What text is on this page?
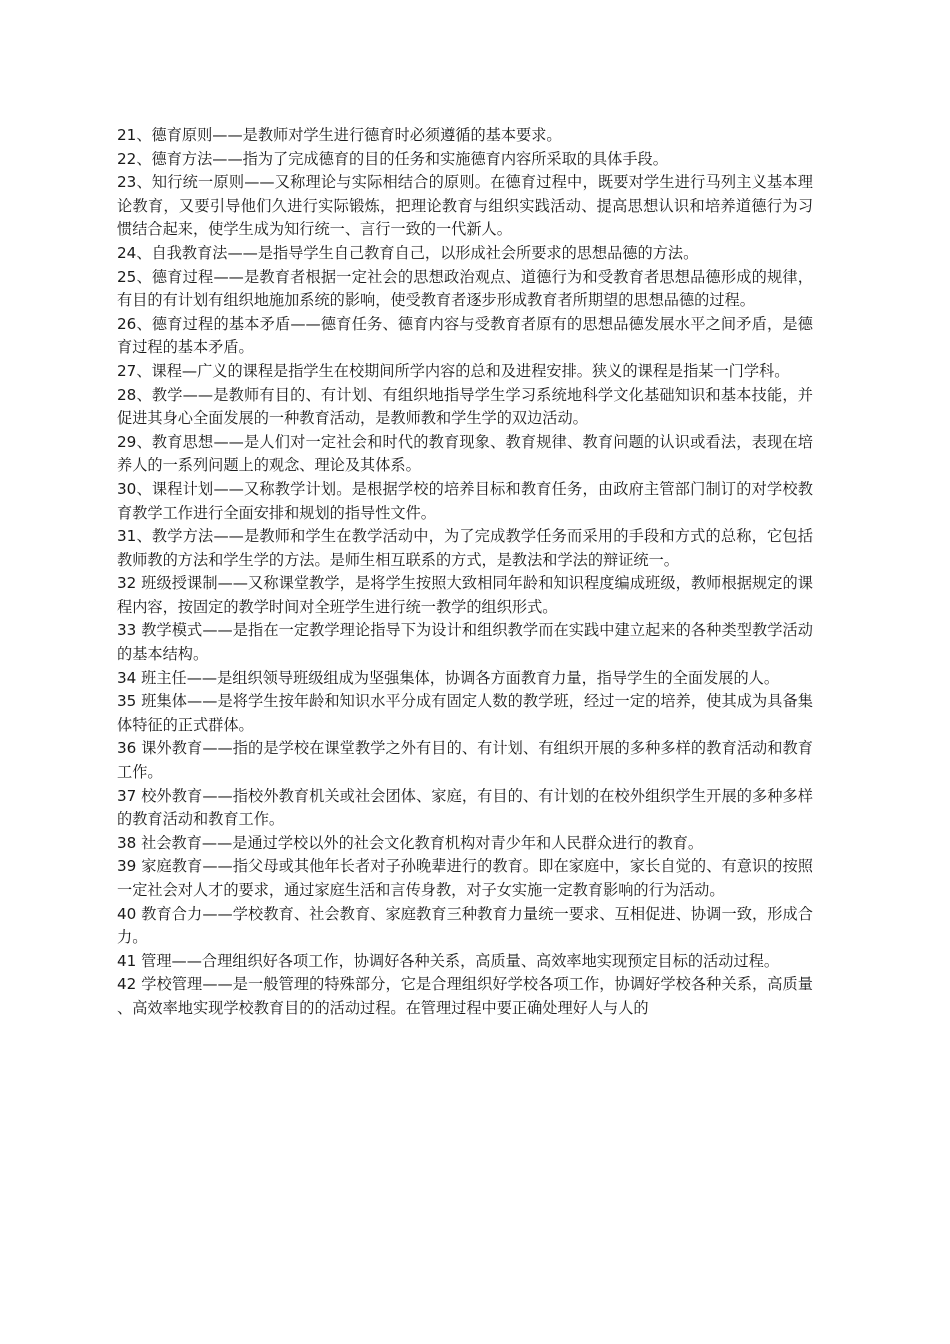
21、德育原则——是教师对学生进行德育时必须遵循的基本要求。

22、德育方法——指为了完成德育的目的任务和实施德育内容所采取的具体手段。

23、知行统一原则——又称理论与实际相结合的原则。在德育过程中，既要对学生进行马列主义基本理论教育，又要引导他们久进行实际锻炼，把理论教育与组织实践活动、提高思想认识和培养道德行为习惯结合起来，使学生成为知行统一、言行一致的一代新人。

24、自我教育法——是指导学生自己教育自己，以形成社会所要求的思想品德的方法。

25、德育过程——是教育者根据一定社会的思想政治观点、道德行为和受教育者思想品德形成的规律，有目的有计划有组织地施加系统的影响，使受教育者逐步形成教育者所期望的思想品德的过程。

26、德育过程的基本矛盾——德育任务、德育内容与受教育者原有的思想品德发展水平之间矛盾，是德育过程的基本矛盾。

27、课程—广义的课程是指学生在校期间所学内容的总和及进程安排。狭义的课程是指某一门学科。

28、教学——是教师有目的、有计划、有组织地指导学生学习系统地科学文化基础知识和基本技能，并促进其身心全面发展的一种教育活动，是教师教和学生学的双边活动。

29、教育思想——是人们对一定社会和时代的教育现象、教育规律、教育问题的认识或看法，表现在培养人的一系列问题上的观念、理论及其体系。

30、课程计划——又称教学计划。是根据学校的培养目标和教育任务，由政府主管部门制订的对学校教育教学工作进行全面安排和规划的指导性文件。

31、教学方法——是教师和学生在教学活动中，为了完成教学任务而采用的手段和方式的总称，它包括教师教的方法和学生学的方法。是师生相互联系的方式，是教法和学法的辩证统一。

32 班级授课制——又称课堂教学，是将学生按照大致相同年龄和知识程度编成班级，教师根据规定的课程内容，按固定的教学时间对全班学生进行统一教学的组织形式。

33 教学模式——是指在一定教学理论指导下为设计和组织教学而在实践中建立起来的各种类型教学活动的基本结构。

34 班主任——是组织领导班级组成为坚强集体，协调各方面教育力量，指导学生的全面发展的人。

35 班集体——是将学生按年龄和知识水平分成有固定人数的教学班，经过一定的培养，使其成为具备集体特征的正式群体。

36 课外教育——指的是学校在课堂教学之外有目的、有计划、有组织开展的多种多样的教育活动和教育工作。

37 校外教育——指校外教育机关或社会团体、家庭，有目的、有计划的在校外组织学生开展的多种多样的教育活动和教育工作。

38 社会教育——是通过学校以外的社会文化教育机构对青少年和人民群众进行的教育。

39 家庭教育——指父母或其他年长者对子孙晚辈进行的教育。即在家庭中，家长自觉的、有意识的按照一定社会对人才的要求，通过家庭生活和言传身教，对子女实施一定教育影响的行为活动。

40 教育合力——学校教育、社会教育、家庭教育三种教育力量统一要求、互相促进、协调一致，形成合力。

41 管理——合理组织好各项工作，协调好各种关系，高质量、高效率地实现预定目标的活动过程。

42 学校管理——是一般管理的特殊部分，它是合理组织好学校各项工作，协调好学校各种关系，高质量、高效率地实现学校教育目的的活动过程。在管理过程中要正确处理好人与人的
